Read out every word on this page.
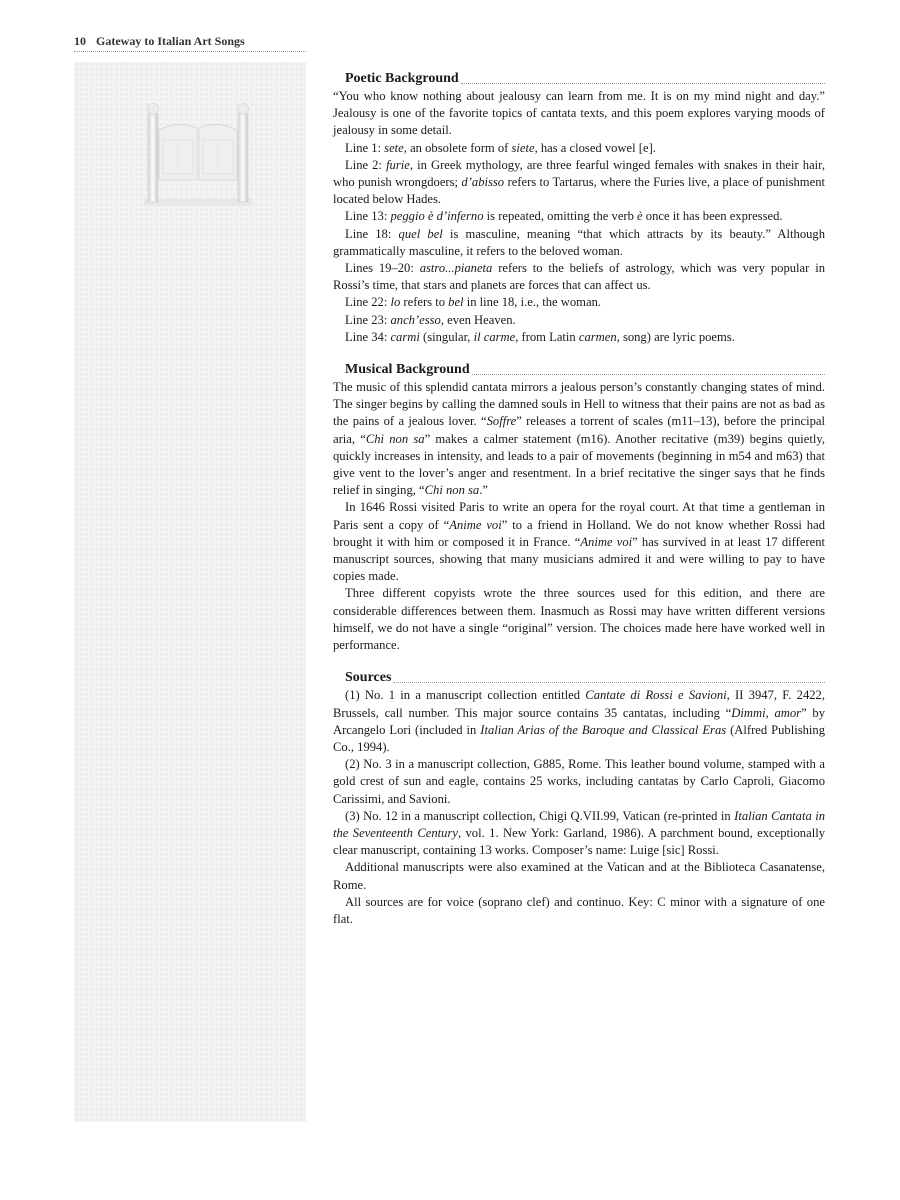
10 Gateway to Italian Art Songs
Poetic Background

“You who know nothing about jealousy can learn from me. It is on my mind night and day.” Jealousy is one of the favorite topics of cantata texts, and this poem explores varying moods of jealousy in some detail.

Line 1: sete, an obsolete form of siete, has a closed vowel [e].

Line 2: furie, in Greek mythology, are three fearful winged females with snakes in their hair, who punish wrongdoers; d’abisso refers to Tartarus, where the Furies live, a place of punishment located below Hades.

Line 13: peggio è d’inferno is repeated, omitting the verb è once it has been expressed.

Line 18: quel bel is masculine, meaning “that which attracts by its beauty.” Although grammatically masculine, it refers to the beloved woman.

Lines 19–20: astro...pianeta refers to the beliefs of astrology, which was very popular in Rossi’s time, that stars and planets are forces that can affect us.

Line 22: lo refers to bel in line 18, i.e., the woman.

Line 23: anch’esso, even Heaven.

Line 34: carmi (singular, il carme, from Latin carmen, song) are lyric poems.

Musical Background

The music of this splendid cantata mirrors a jealous person’s constantly changing states of mind. The singer begins by calling the damned souls in Hell to witness that their pains are not as bad as the pains of a jealous lover. “Soffre” releases a torrent of scales (m11–13), before the principal aria, “Chi non sa” makes a calmer statement (m16). Another recitative (m39) begins quietly, quickly increases in intensity, and leads to a pair of movements (beginning in m54 and m63) that give vent to the lover’s anger and resentment. In a brief recitative the singer says that he finds relief in singing, “Chi non sa.”

In 1646 Rossi visited Paris to write an opera for the royal court. At that time a gentleman in Paris sent a copy of “Anime voi” to a friend in Holland. We do not know whether Rossi had brought it with him or composed it in France. “Anime voi” has survived in at least 17 different manuscript sources, showing that many musicians admired it and were willing to pay to have copies made.

Three different copyists wrote the three sources used for this edition, and there are considerable differences between them. Inasmuch as Rossi may have written different versions himself, we do not have a single “original” version. The choices made here have worked well in performance.

Sources

(1) No. 1 in a manuscript collection entitled Cantate di Rossi e Savioni, II 3947, F. 2422, Brussels, call number. This major source contains 35 cantatas, including “Dimmi, amor” by Arcangelo Lori (included in Italian Arias of the Baroque and Classical Eras (Alfred Publishing Co., 1994).

(2) No. 3 in a manuscript collection, G885, Rome. This leather bound volume, stamped with a gold crest of sun and eagle, contains 25 works, including cantatas by Carlo Caproli, Giacomo Carissimi, and Savioni.

(3) No. 12 in a manuscript collection, Chigi Q.VII.99, Vatican (re-printed in Italian Cantata in the Seventeenth Century, vol. 1. New York: Garland, 1986). A parchment bound, exceptionally clear manuscript, containing 13 works. Composer’s name: Luige [sic] Rossi.

Additional manuscripts were also examined at the Vatican and at the Biblioteca Casanatense, Rome.

All sources are for voice (soprano clef) and continuo. Key: C minor with a signature of one flat.
